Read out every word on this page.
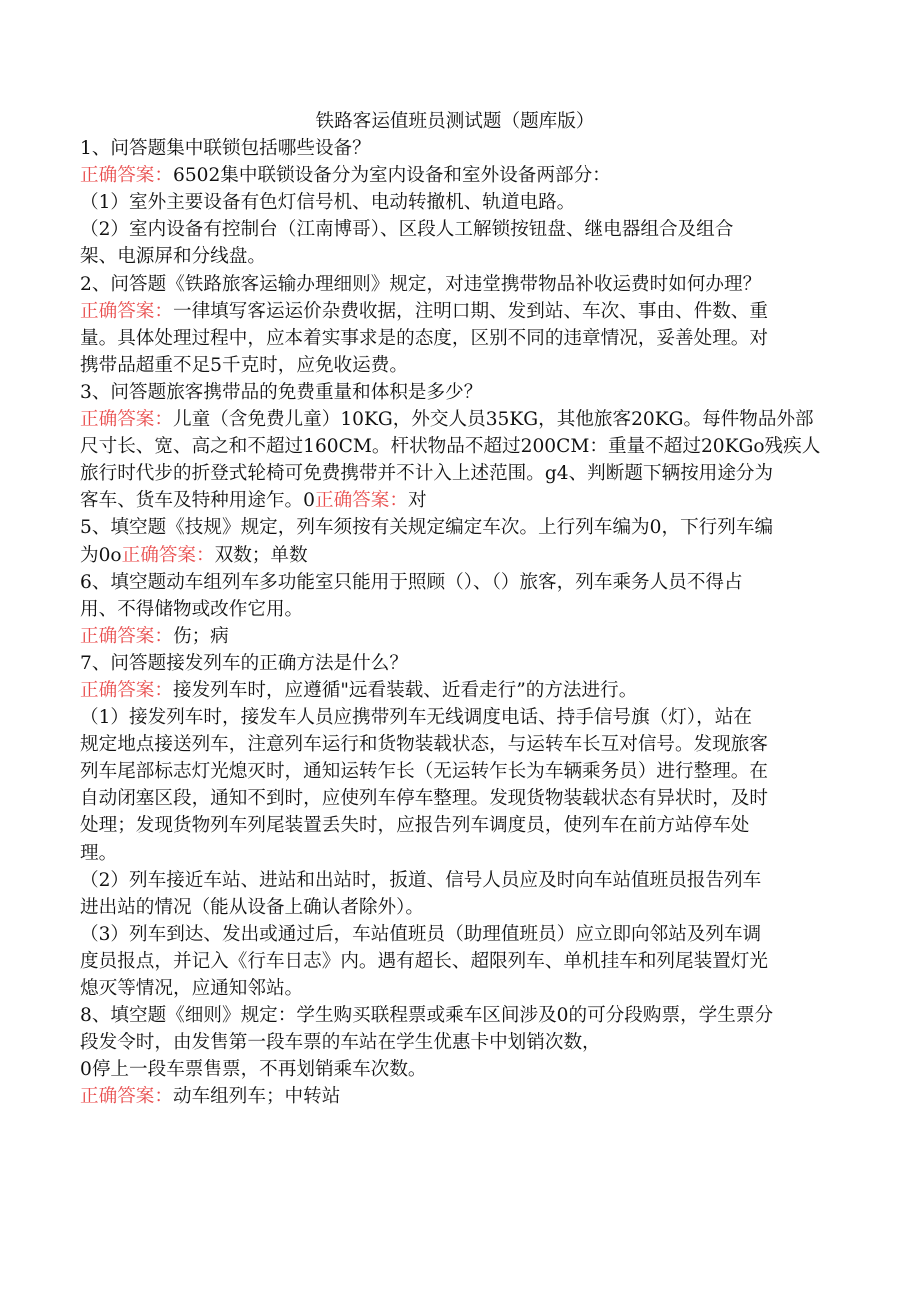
铁路客运值班员测试题（题库版）

1、问答题集中联锁包括哪些设备？

正确答案：6502集中联锁设备分为室内设备和室外设备两部分：

（1）室外主要设备有色灯信号机、电动转撤机、轨道电路。

（2）室内设备有控制台（江南博哥）、区段人工解锁按钮盘、继电器组合及组合

架、电源屏和分线盘。

2、问答题《铁路旅客运输办理细则》规定，对违堂携带物品补收运费时如何办理？

正确答案：一律填写客运运价杂费收据，注明口期、发到站、车次、事由、件数、重

量。具体处理过程中，应本着实事求是的态度，区别不同的违章情况，妥善处理。对

携带品超重不足5千克时，应免收运费。

3、问答题旅客携带品的免费重量和体积是多少？

正确答案：儿童（含免费儿童）10KG，外交人员35KG，其他旅客20KG。每件物品外部

尺寸长、宽、高之和不超过160CM。杆状物品不超过200CM：重量不超过20KGo残疾人

旅行时代步的折登式轮椅可免费携带并不计入上述范围。g4、判断题下辆按用途分为

客车、货车及特种用途乍。0正确答案：对

5、填空题《技规》规定，列车须按有关规定编定车次。上行列车编为0，下行列车编

为0o正确答案：双数；单数

6、填空题动车组列车多功能室只能用于照顾（）、（）旅客，列车乘务人员不得占

用、不得储物或改作它用。

正确答案：伤；病

7、问答题接发列车的正确方法是什么？

正确答案：接发列车时，应遵循"远看装载、近看走行”的方法进行。

（1）接发列车时，接发车人员应携带列车无线调度电话、持手信号旗（灯），站在

规定地点接送列车，注意列车运行和货物装载状态，与运转车长互对信号。发现旅客

列车尾部标志灯光熄灭时，通知运转乍长（无运转乍长为车辆乘务员）进行整理。在

自动闭塞区段，通知不到时，应使列车停车整理。发现货物装载状态有异状时，及时

处理；发现货物列车列尾装置丢失时，应报告列车调度员，使列车在前方站停车处

理。

（2）列车接近车站、进站和出站时，扳道、信号人员应及时向车站值班员报告列车

进出站的情况（能从设备上确认者除外）。

（3）列车到达、发出或通过后，车站值班员（助理值班员）应立即向邻站及列车调

度员报点，并记入《行车日志》内。遇有超长、超限列车、单机挂车和列尾装置灯光

熄灭等情况，应通知邻站。

8、填空题《细则》规定：学生购买联程票或乘车区间涉及0的可分段购票，学生票分

段发令时，由发售第一段车票的车站在学生优惠卡中划销次数，

0停上一段车票售票，不再划销乘车次数。

正确答案：动车组列车；中转站
